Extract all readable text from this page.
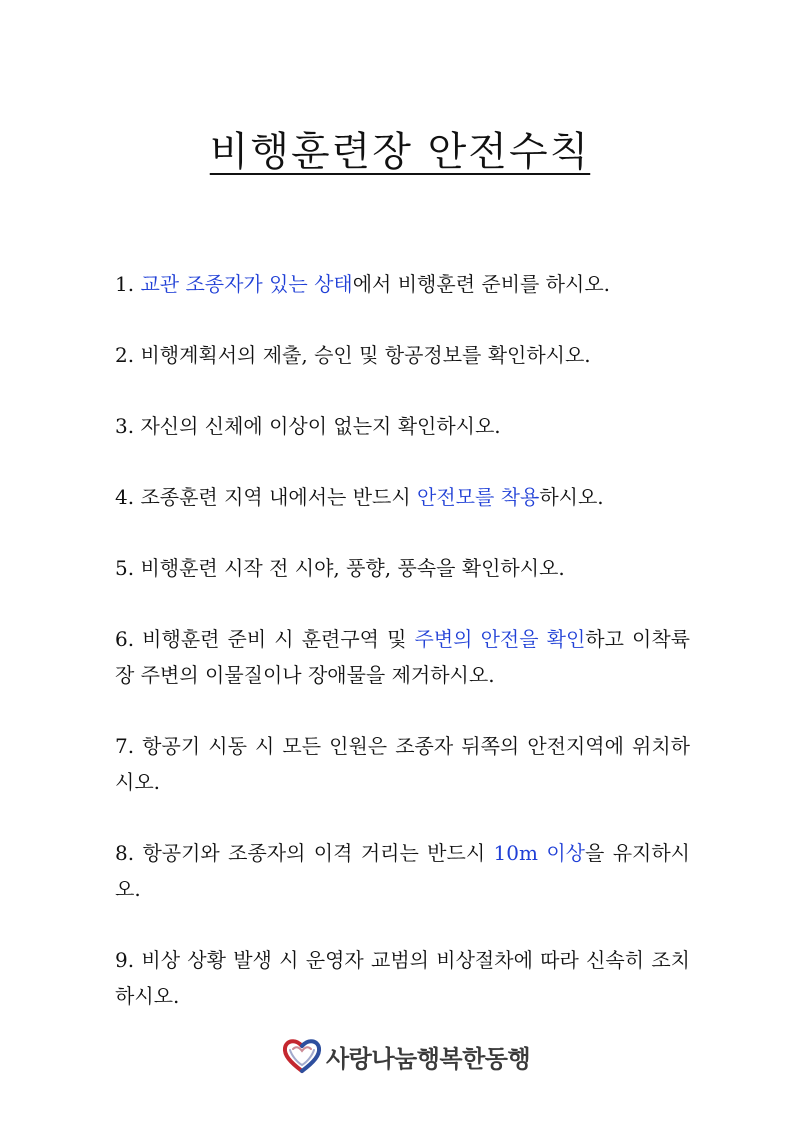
비행훈련장 안전수칙
1. 교관 조종자가 있는 상태에서 비행훈련 준비를 하시오.
2. 비행계획서의 제출, 승인 및 항공정보를 확인하시오.
3. 자신의 신체에 이상이 없는지 확인하시오.
4. 조종훈련 지역 내에서는 반드시 안전모를 착용하시오.
5. 비행훈련 시작 전 시야, 풍향, 풍속을 확인하시오.
6. 비행훈련 준비 시 훈련구역 및 주변의 안전을 확인하고 이착륙장 주변의 이물질이나 장애물을 제거하시오.
7. 항공기 시동 시 모든 인원은 조종자 뒤쪽의 안전지역에 위치하시오.
8. 항공기와 조종자의 이격 거리는 반드시 10m 이상을 유지하시오.
9. 비상 상황 발생 시 운영자 교범의 비상절차에 따라 신속히 조치하시오.
사랑나눔행복한동행
